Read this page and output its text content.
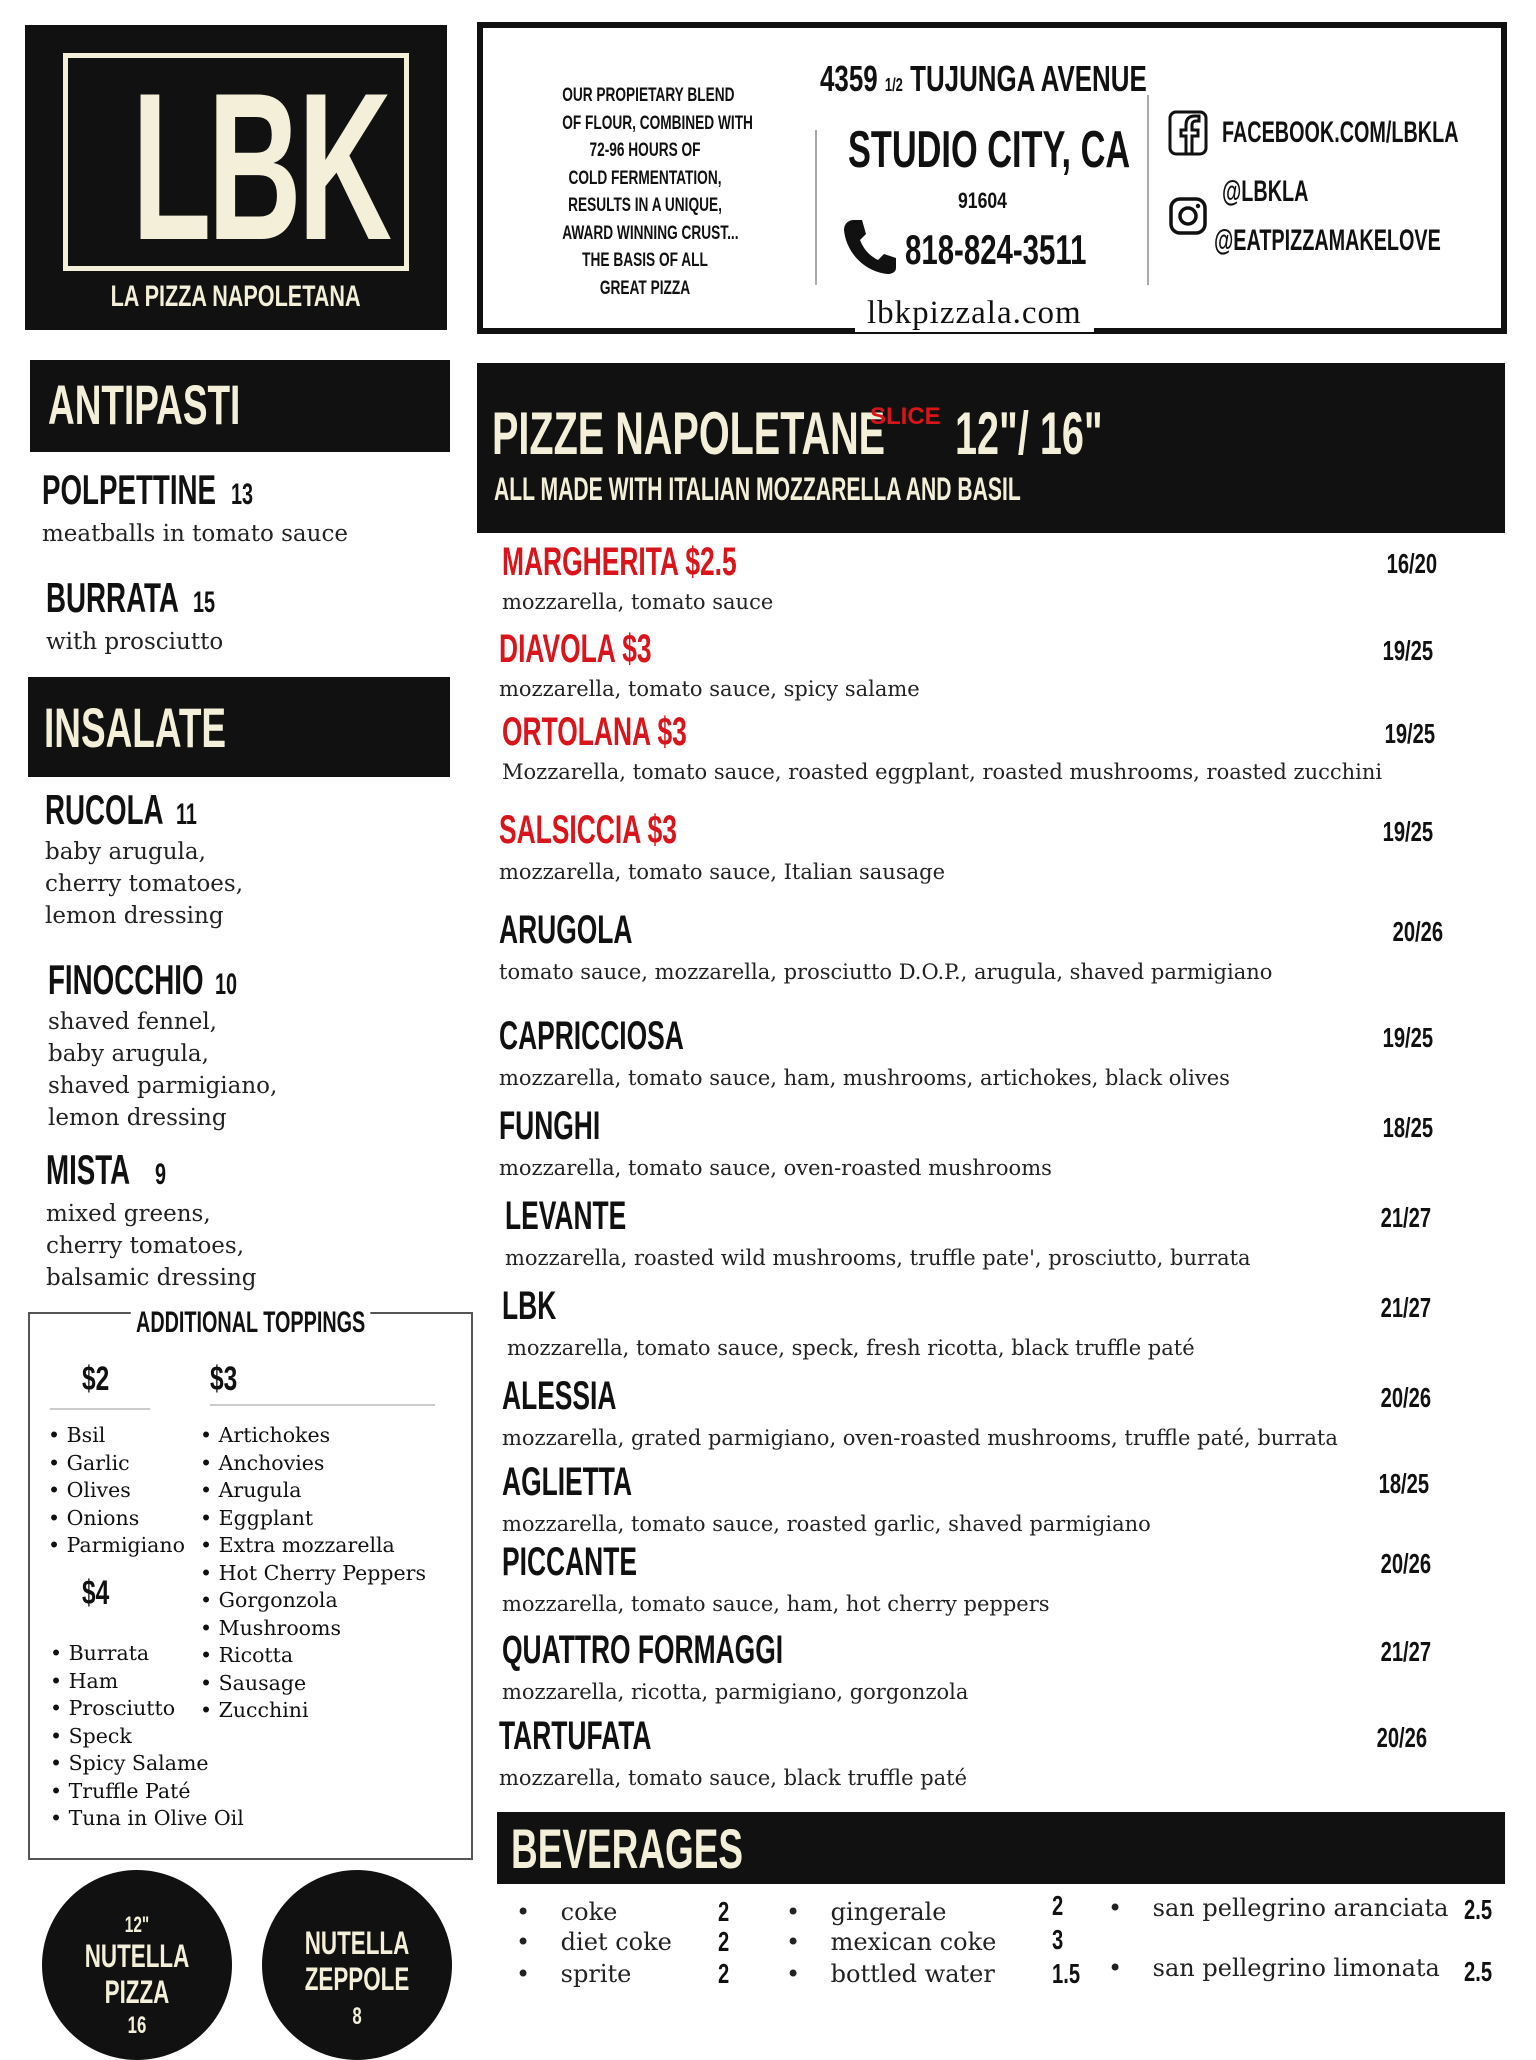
LBK
LA PIZZA NAPOLETANA
OUR PROPIETARY BLEND
OF FLOUR, COMBINED WITH
72-96 HOURS OF
COLD FERMENTATION,
RESULTS IN A UNIQUE,
AWARD WINNING CRUST...
THE BASIS OF ALL
GREAT PIZZA
4359 1/2 TUJUNGA AVENUE
STUDIO CITY, CA
91604
818-824-3511
lbkpizzala.com
FACEBOOK.COM/LBKLA
@LBKLA
@EATPIZZAMAKELOVE
ANTIPASTI
POLPETTINE 13
meatballs in tomato sauce
BURRATA 15
with prosciutto
INSALATE
RUCOLA 11
baby arugula,
cherry tomatoes,
lemon dressing
FINOCCHIO 10
shaved fennel,
baby arugula,
shaved parmigiano,
lemon dressing
MISTA 9
mixed greens,
cherry tomatoes,
balsamic dressing
ADDITIONAL TOPPINGS
$2	$3
• Bsil
• Garlic
• Olives
• Onions
• Parmigiano
• Artichokes
• Anchovies
• Arugula
• Eggplant
• Extra mozzarella
• Hot Cherry Peppers
• Gorgonzola
• Mushrooms
• Ricotta
• Sausage
• Zucchini
$4
• Burrata
• Ham
• Prosciutto
• Speck
• Spicy Salame
• Truffle Paté
• Tuna in Olive Oil
12"
NUTELLA
PIZZA
16
NUTELLA
ZEPPOLE
8
PIZZE NAPOLETANE
SLICE 12"/ 16"
ALL MADE WITH ITALIAN MOZZARELLA AND BASIL
MARGHERITA $2.5
mozzarella, tomato sauce
16/20
DIAVOLA $3
mozzarella, tomato sauce, spicy salame
19/25
ORTOLANA $3
Mozzarella, tomato sauce, roasted eggplant, roasted mushrooms, roasted zucchini
19/25
SALSICCIA $3
mozzarella, tomato sauce, Italian sausage
19/25
ARUGOLA
tomato sauce, mozzarella, prosciutto D.O.P., arugula, shaved parmigiano
20/26
CAPRICCIOSA
mozzarella, tomato sauce, ham, mushrooms, artichokes, black olives
19/25
FUNGHI
mozzarella, tomato sauce, oven-roasted mushrooms
18/25
LEVANTE
mozzarella, roasted wild mushrooms, truffle pate', prosciutto, burrata
21/27
LBK
mozzarella, tomato sauce, speck, fresh ricotta, black truffle paté
21/27
ALESSIA
mozzarella, grated parmigiano, oven-roasted mushrooms, truffle paté, burrata
20/26
AGLIETTA
mozzarella, tomato sauce, roasted garlic, shaved parmigiano
18/25
PICCANTE
mozzarella, tomato sauce, ham, hot cherry peppers
20/26
QUATTRO FORMAGGI
mozzarella, ricotta, parmigiano, gorgonzola
21/27
TARTUFATA
mozzarella, tomato sauce, black truffle paté
20/26
BEVERAGES
•    coke	2
•    diet coke 2
•    sprite	2
•    gingerale	2
•    mexican coke 3
•    bottled water 1.5
•    san pellegrino aranciata 2.5
•    san pellegrino limonata 2.5
